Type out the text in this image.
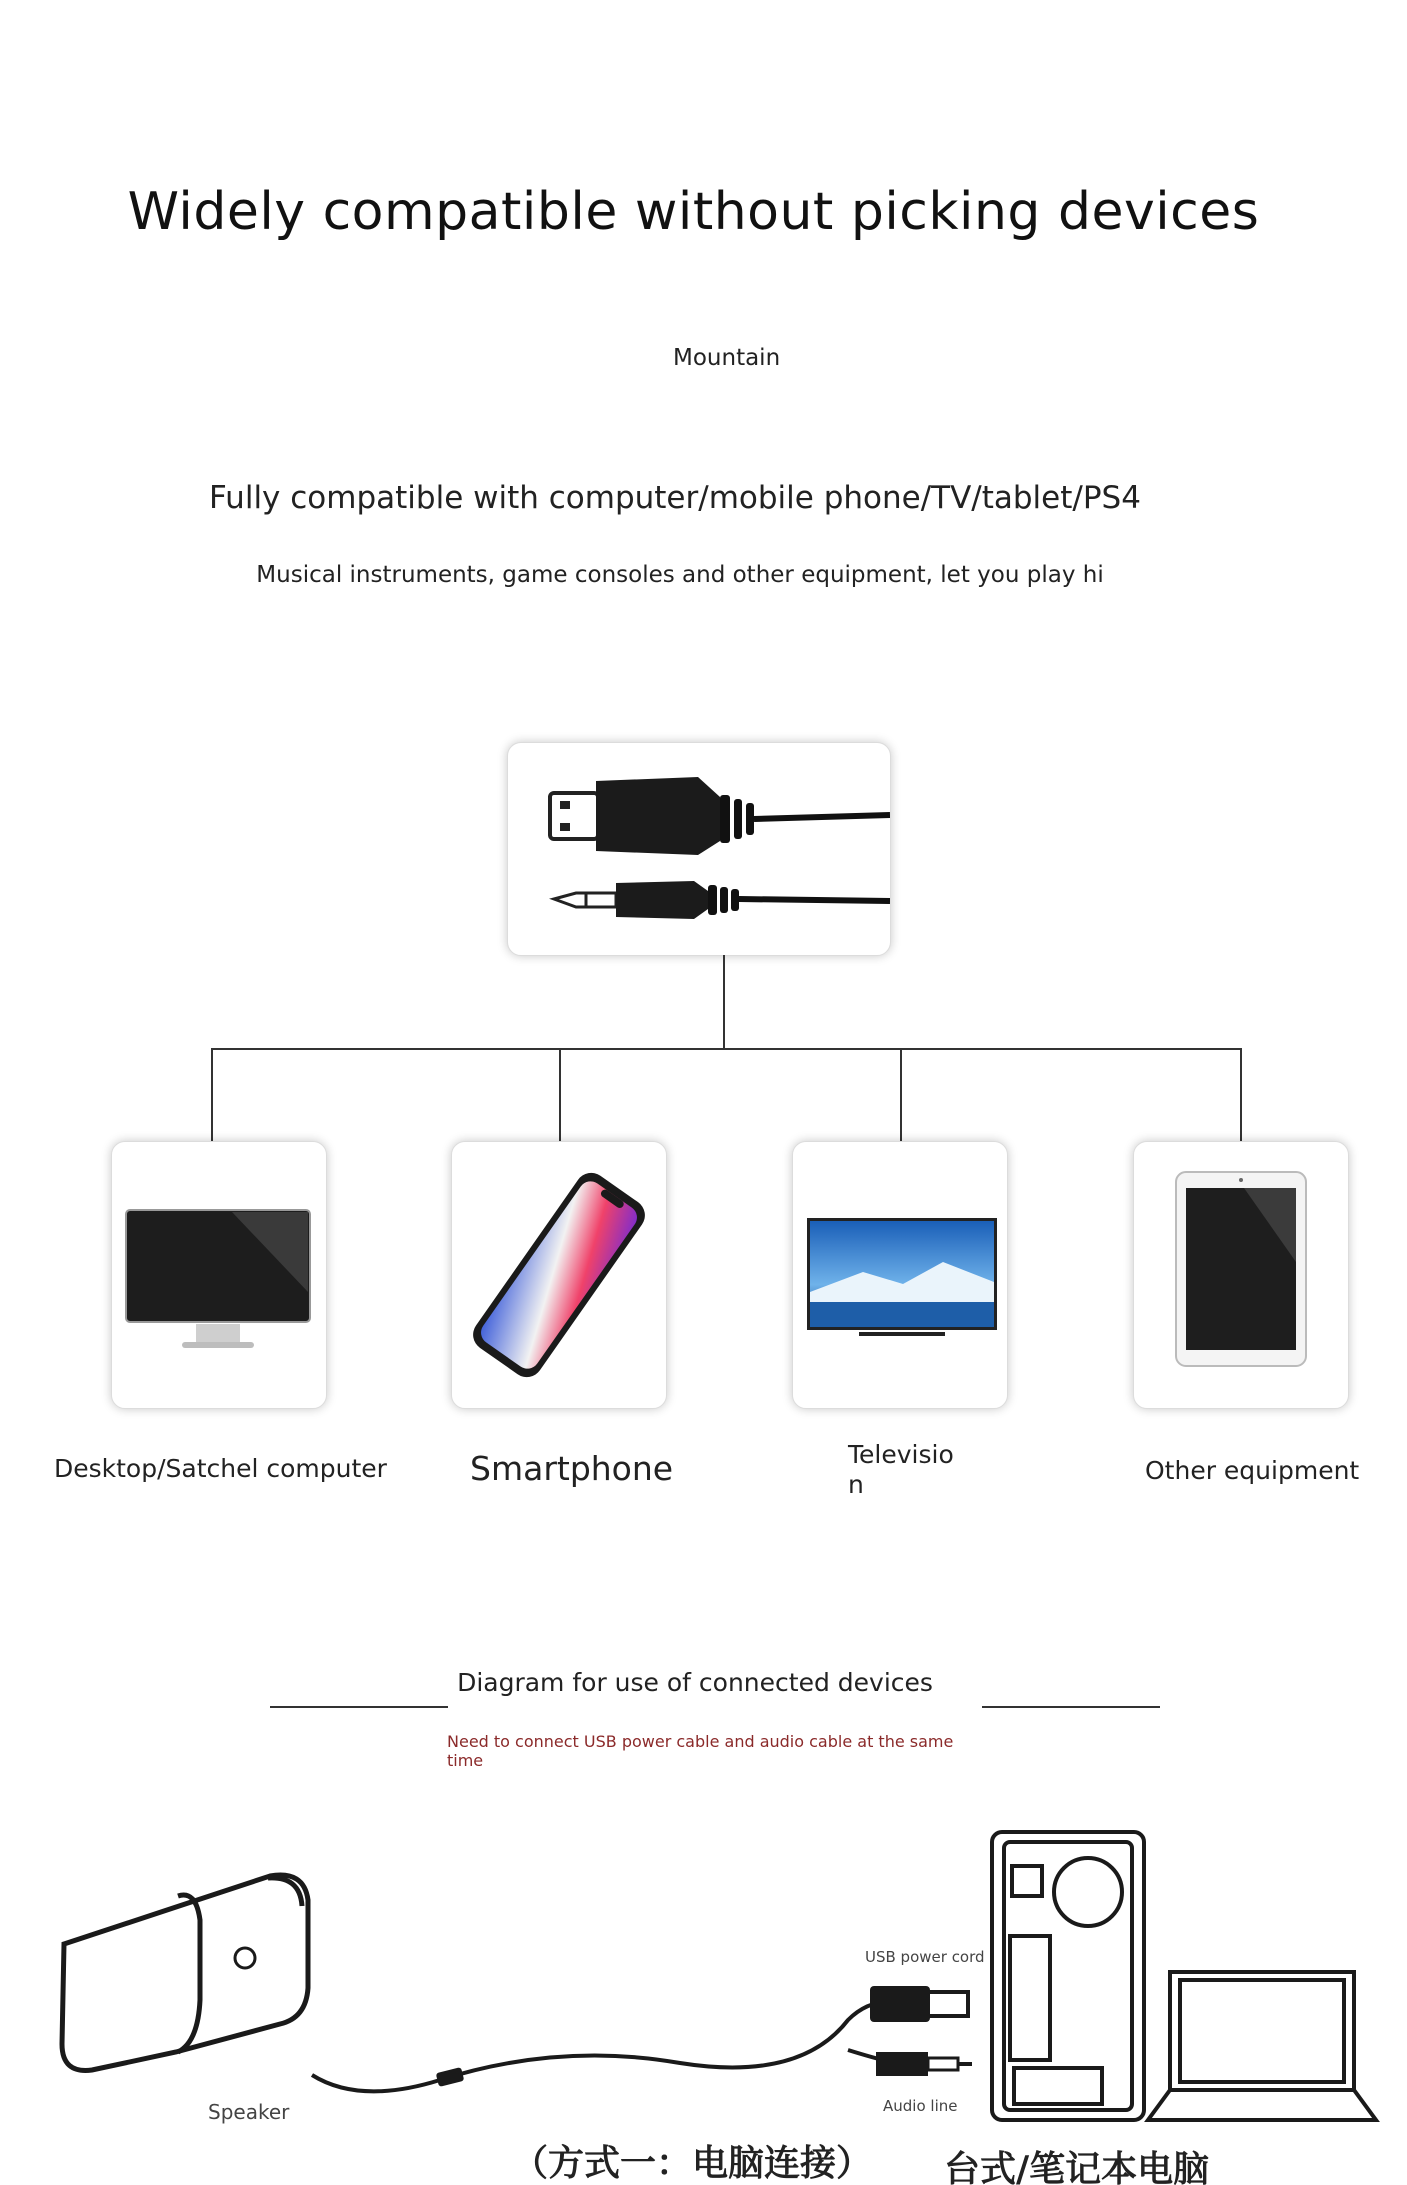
Widely compatible without picking devices
Mountain
Fully compatible with computer/mobile phone/TV/tablet/PS4
Musical instruments, game consoles and other equipment, let you play hi
Desktop/Satchel computer	Smartphone	Television	Other equipment
Diagram for use of connected devices
Need to connect USB power cable and audio cable at the same time
USB power cord
Audio line
Speaker
（方式一：电脑连接） 台式/笔记本电脑
